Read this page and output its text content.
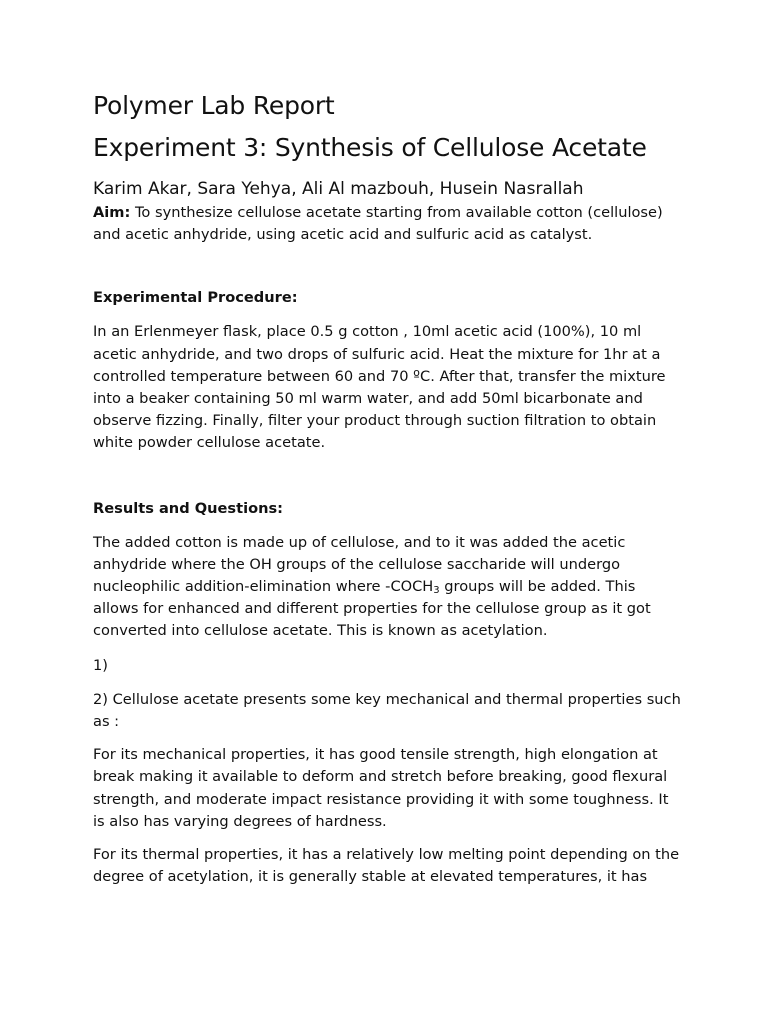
Polymer Lab Report
Experiment 3: Synthesis of Cellulose Acetate

Karim Akar, Sara Yehya, Ali Al mazbouh, Husein Nasrallah

Aim: To synthesize cellulose acetate starting from available cotton (cellulose) and acetic anhydride, using acetic acid and sulfuric acid as catalyst.

Experimental Procedure:

In an Erlenmeyer flask, place 0.5 g cotton , 10ml acetic acid (100%), 10 ml acetic anhydride, and two drops of sulfuric acid. Heat the mixture for 1hr at a controlled temperature between 60 and 70 ºC. After that, transfer the mixture into a beaker containing 50 ml warm water, and add 50ml bicarbonate and observe fizzing. Finally, filter your product through suction filtration to obtain white powder cellulose acetate.

Results and Questions:

The added cotton is made up of cellulose, and to it was added the acetic anhydride where the OH groups of the cellulose saccharide will undergo nucleophilic addition-elimination where $-COCH_3$ groups will be added. This allows for enhanced and different properties for the cellulose group as it got converted into cellulose acetate. This is known as acetylation.

1)

2) Cellulose acetate presents some key mechanical and thermal properties such as :

For its mechanical properties, it has good tensile strength, high elongation at break making it available to deform and stretch before breaking, good flexural strength, and moderate impact resistance providing it with some toughness. It is also has varying degrees of hardness.

For its thermal properties, it has a relatively low melting point depending on the degree of acetylation, it is generally stable at elevated temperatures, it has
